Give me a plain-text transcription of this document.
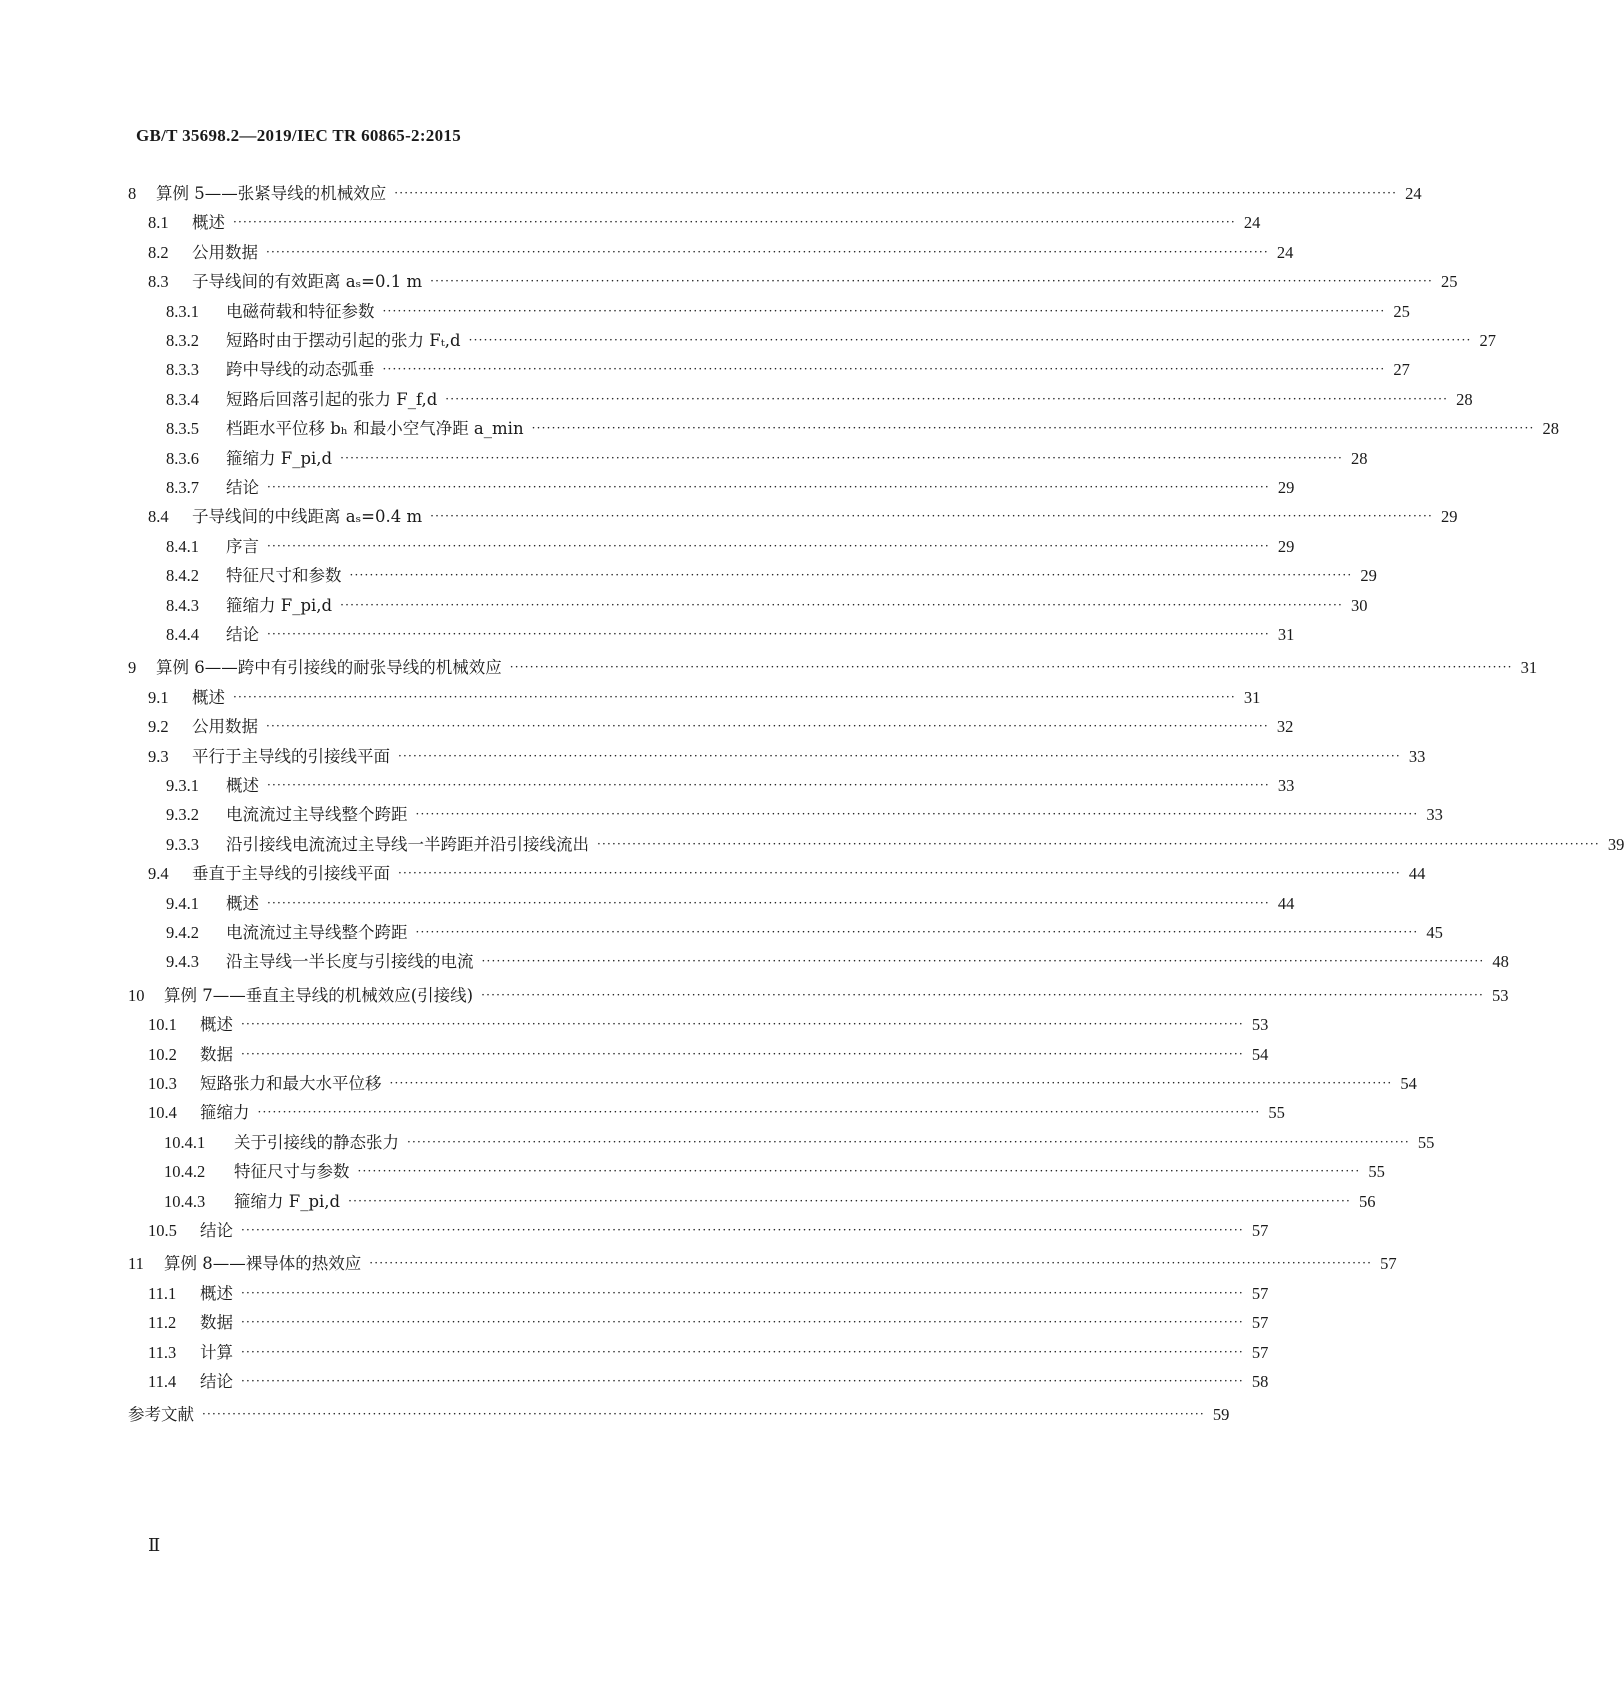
GB/T 35698.2—2019/IEC TR 60865-2:2015
8	算例 5——张紧导线的机械效应 ········································································································································································································ 24
8.1	概述 ········································································································································································································ 24
8.2	公用数据 ········································································································································································································ 24
8.3	子导线间的有效距离 aₛ=0.1 m ········································································································································································································ 25
8.3.1	电磁荷载和特征参数 ········································································································································································································ 25
8.3.2	短路时由于摆动引起的张力 Fₜ,d ········································································································································································································ 27
8.3.3	跨中导线的动态弧垂 ········································································································································································································ 27
8.3.4	短路后回落引起的张力 F_f,d ········································································································································································································ 28
8.3.5	档距水平位移 bₕ 和最小空气净距 a_min ········································································································································································································ 28
8.3.6	箍缩力 F_pi,d ········································································································································································································ 28
8.3.7	结论 ········································································································································································································ 29
8.4	子导线间的中线距离 aₛ=0.4 m ········································································································································································································ 29
8.4.1	序言 ········································································································································································································ 29
8.4.2	特征尺寸和参数 ········································································································································································································ 29
8.4.3	箍缩力 F_pi,d ········································································································································································································ 30
8.4.4	结论 ········································································································································································································ 31
9	算例 6——跨中有引接线的耐张导线的机械效应 ········································································································································································································ 31
9.1	概述 ········································································································································································································ 31
9.2	公用数据 ········································································································································································································ 32
9.3	平行于主导线的引接线平面 ········································································································································································································ 33
9.3.1	概述 ········································································································································································································ 33
9.3.2	电流流过主导线整个跨距 ········································································································································································································ 33
9.3.3	沿引接线电流流过主导线一半跨距并沿引接线流出 ········································································································································································································ 39
9.4	垂直于主导线的引接线平面 ········································································································································································································ 44
9.4.1	概述 ········································································································································································································ 44
9.4.2	电流流过主导线整个跨距 ········································································································································································································ 45
9.4.3	沿主导线一半长度与引接线的电流 ········································································································································································································ 48
10	算例 7——垂直主导线的机械效应(引接线) ········································································································································································································ 53
10.1	概述 ········································································································································································································ 53
10.2	数据 ········································································································································································································ 54
10.3	短路张力和最大水平位移 ········································································································································································································ 54
10.4	箍缩力 ········································································································································································································ 55
10.4.1	关于引接线的静态张力 ········································································································································································································ 55
10.4.2	特征尺寸与参数 ········································································································································································································ 55
10.4.3	箍缩力 F_pi,d ········································································································································································································ 56
10.5	结论 ········································································································································································································ 57
11	算例 8——裸导体的热效应 ········································································································································································································ 57
11.1	概述 ········································································································································································································ 57
11.2	数据 ········································································································································································································ 57
11.3	计算 ········································································································································································································ 57
11.4	结论 ········································································································································································································ 58
参考文献 ········································································································································································································ 59
Ⅱ
